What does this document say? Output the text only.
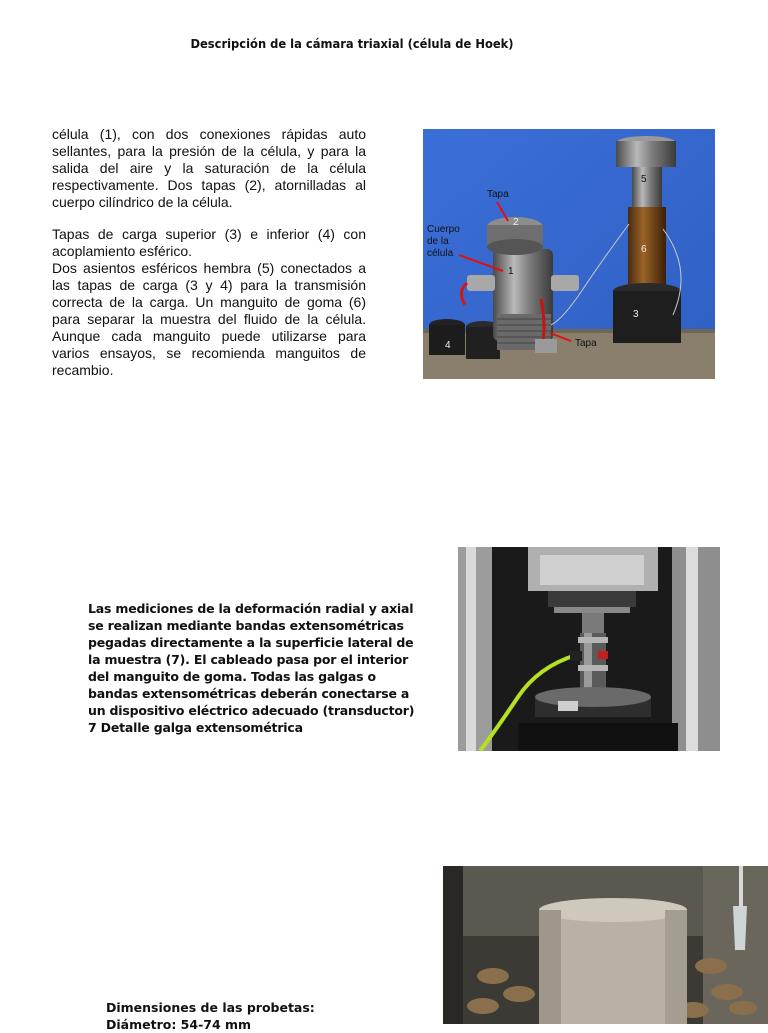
Descripción de la cámara triaxial (célula de Hoek)

célula (1), con dos conexiones rápidas auto sellantes, para la presión de la célula, y para la salida del aire y la saturación de la célula respectivamente. Dos tapas (2), atornilladas al cuerpo cilíndrico de la célula.

Tapas de carga superior (3) e inferior (4) con acoplamiento esférico.
Dos asientos esféricos hembra (5) conectados a las tapas de carga (3 y 4) para la transmisión correcta de la carga. Un manguito de goma (6) para separar la muestra del fluido de la célula. Aunque cada manguito puede utilizarse para varios ensayos, se recomienda manguitos de recambio.

Tapa
Cuerpo
de la
célula
Tapa
2
1
3
4
5
6

Las mediciones de la deformación radial y axial se realizan mediante bandas extensométricas pegadas directamente a la superficie lateral de la muestra (7). El cableado pasa por el interior del manguito de goma. Todas las galgas o bandas extensométricas deberán conectarse a un dispositivo eléctrico adecuado (transductor) 7 Detalle galga extensométrica

Dimensiones de las probetas:
Diámetro: 54-74 mm
